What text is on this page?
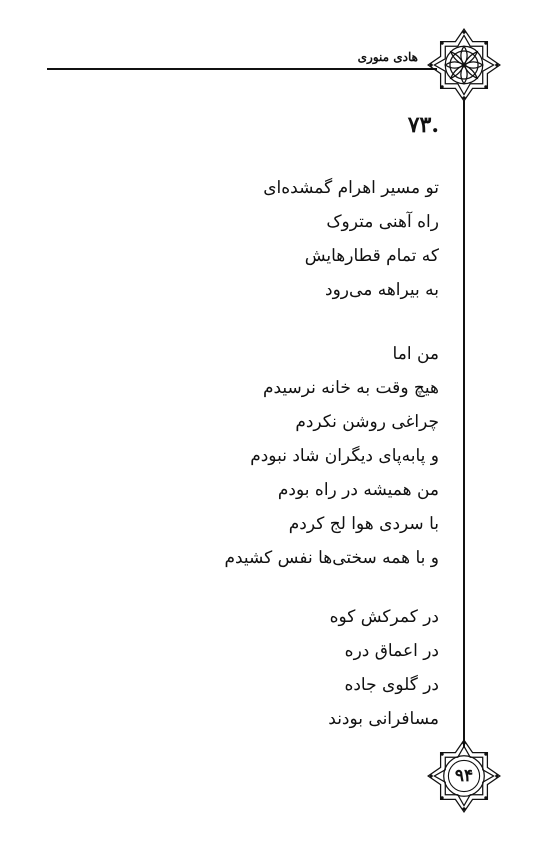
هادی منوری
۹۴
.۷۳
تو مسیر اهرام گمشده‌ای
راه آهنی متروک
که تمام قطارهایش
به بیراهه می‌رود
من اما
هیچ وقت به خانه نرسیدم
چراغی روشن نکردم
و پابه‌پای دیگران شاد نبودم
من همیشه در راه بودم
با سردی هوا لج کردم
و با همه سختی‌ها نفس کشیدم
در کمرکش کوه
در اعماق دره
در گلوی جاده
مسافرانی بودند
